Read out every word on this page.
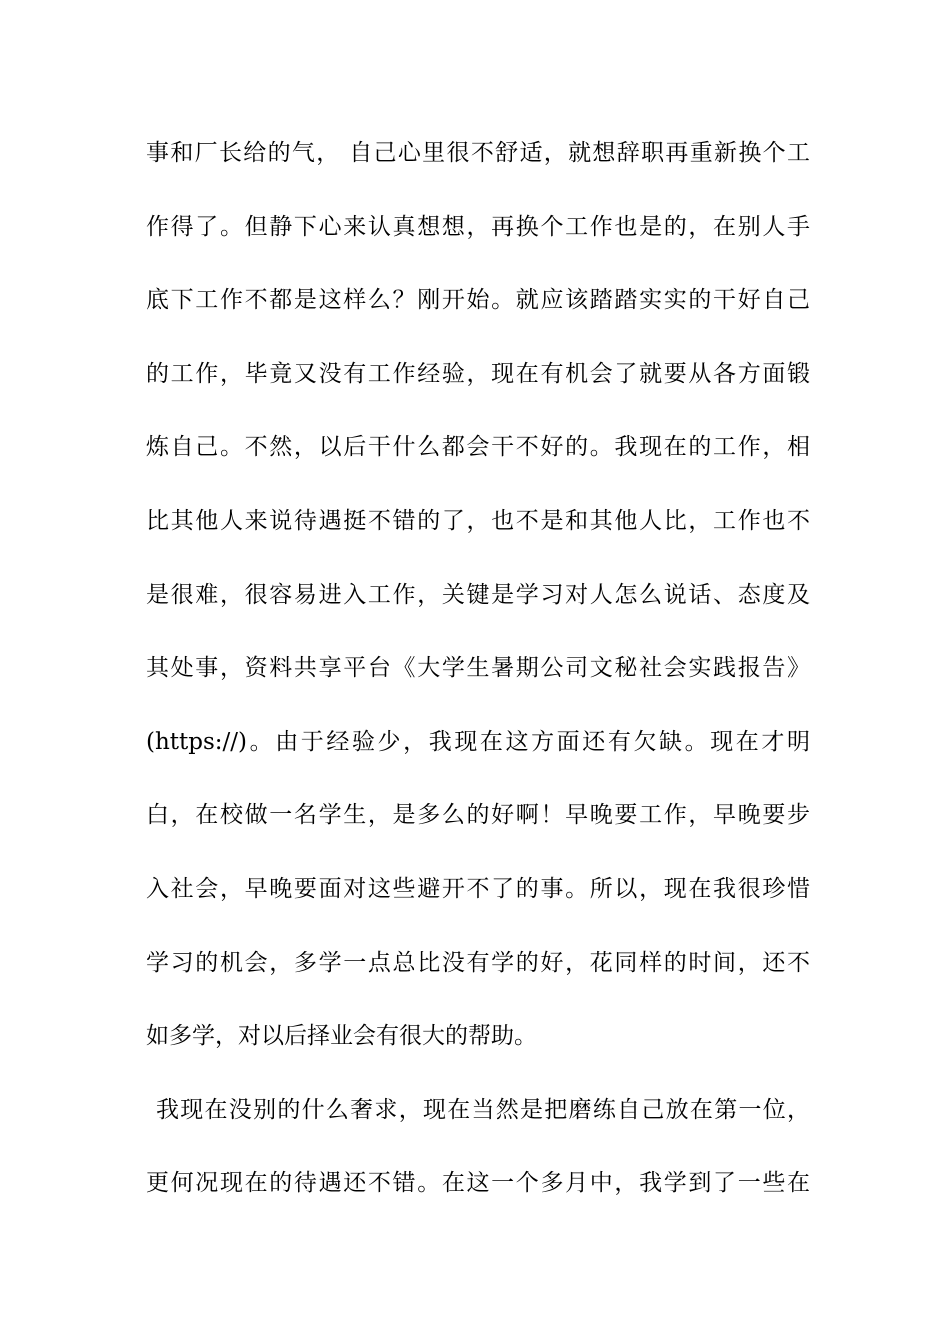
事和厂长给的气， 自己心里很不舒适，就想辞职再重新换个工
作得了。但静下心来认真想想，再换个工作也是的，在别人手
底下工作不都是这样么？刚开始。就应该踏踏实实的干好自己
的工作，毕竟又没有工作经验，现在有机会了就要从各方面锻
炼自己。不然，以后干什么都会干不好的。我现在的工作，相
比其他人来说待遇挺不错的了，也不是和其他人比，工作也不
是很难，很容易进入工作，关键是学习对人怎么说话、态度及
其处事，资料共享平台《大学生暑期公司文秘社会实践报告》
(https://)。由于经验少，我现在这方面还有欠缺。现在才明
白，在校做一名学生，是多么的好啊！早晚要工作，早晚要步
入社会，早晚要面对这些避开不了的事。所以，现在我很珍惜
学习的机会，多学一点总比没有学的好，花同样的时间，还不
如多学，对以后择业会有很大的帮助。
我现在没别的什么奢求，现在当然是把磨练自己放在第一位，
更何况现在的待遇还不错。在这一个多月中，我学到了一些在
